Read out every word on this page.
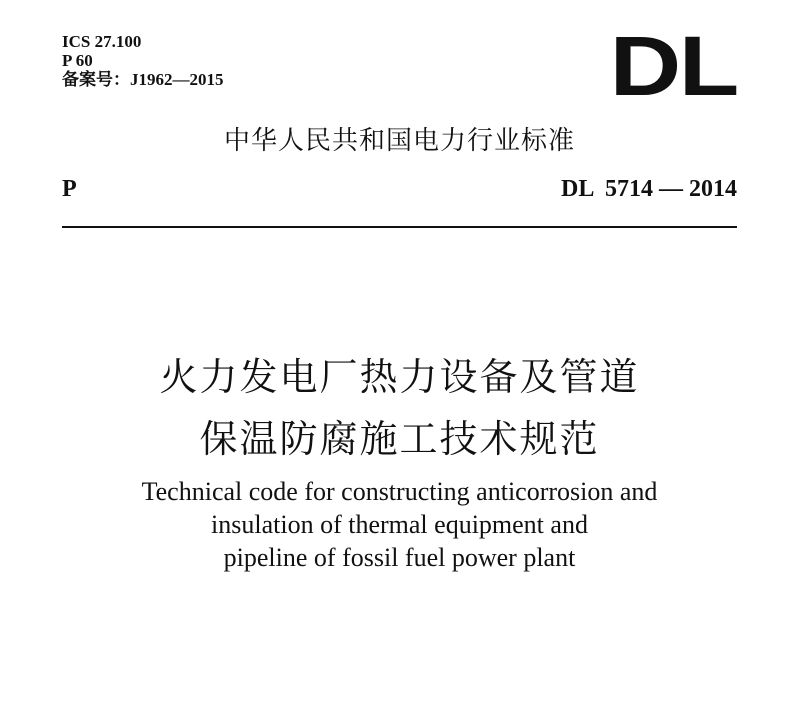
ICS 27.100
P 60
备案号：J1962—2015	DL
中华人民共和国电力行业标准
P	DL  5714 — 2014
火力发电厂热力设备及管道
保温防腐施工技术规范
Technical code for constructing anticorrosion and
insulation of thermal equipment and
pipeline of fossil fuel power plant
